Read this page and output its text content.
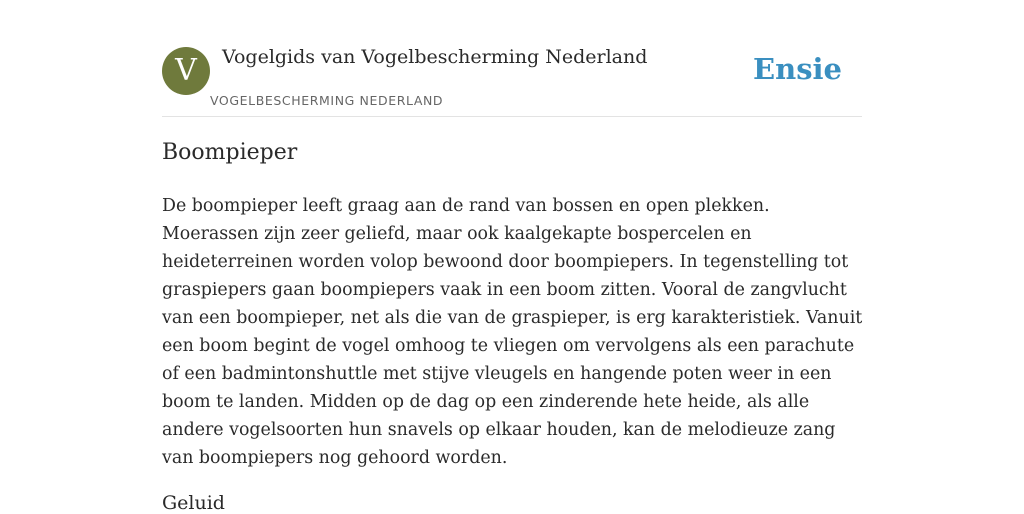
V	Vogelgids van Vogelbescherming Nederland
VOGELBESCHERMING NEDERLAND
Ensie
Boompieper

De boompieper leeft graag aan de rand van bossen en open plekken. Moerassen zijn zeer geliefd, maar ook kaalgekapte bospercelen en heideterreinen worden volop bewoond door boompiepers. In tegenstelling tot graspiepers gaan boompiepers vaak in een boom zitten. Vooral de zangvlucht van een boompieper, net als die van de graspieper, is erg karakteristiek. Vanuit een boom begint de vogel omhoog te vliegen om vervolgens als een parachute of een badmintonshuttle met stijve vleugels en hangende poten weer in een boom te landen. Midden op de dag op een zinderende hete heide, als alle andere vogelsoorten hun snavels op elkaar houden, kan de melodieuze zang van boompiepers nog gehoord worden.

Geluid
